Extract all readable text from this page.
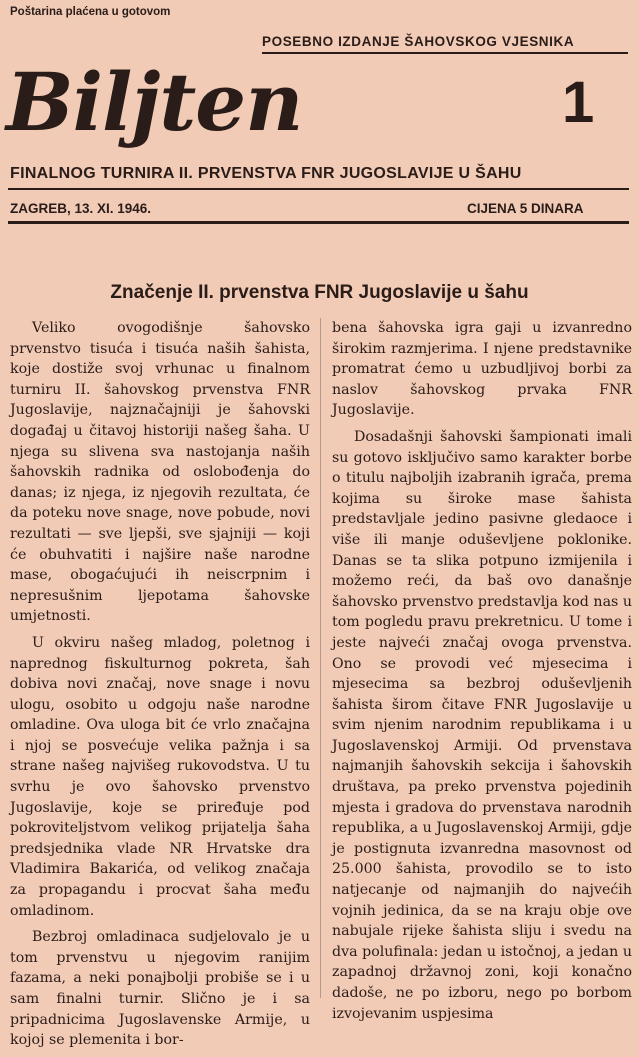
Poštarina plaćena u gotovom
POSEBNO IZDANJE ŠAHOVSKOG VJESNIKA
Biljten	1
FINALNOG TURNIRA II. PRVENSTVA FNR JUGOSLAVIJE U ŠAHU
ZAGREB, 13. XI. 1946.	CIJENA 5 DINARA
Značenje II. prvenstva FNR Jugoslavije u šahu

Veliko ovogodišnje šahovsko prvenstvo tisuća i tisuća naših šahista, koje dostiže svoj vrhunac u finalnom turniru II. šahovskog prvenstva FNR Jugoslavije, najznačajniji je šahovski događaj u čitavoj historiji našeg šaha. U njega su slivena sva nastojanja naših šahovskih radnika od oslobođenja do danas; iz njega, iz njegovih rezultata, će da poteku nove snage, nove pobude, novi rezultati — sve ljepši, sve sjajniji — koji će obuhvatiti i najšire naše narodne mase, obogaćujući ih neiscrpnim i nepresušnim ljepotama šahovske umjetnosti.

U okviru našeg mladog, poletnog i naprednog fiskulturnog pokreta, šah dobiva novi značaj, nove snage i novu ulogu, osobito u odgoju naše narodne omladine. Ova uloga bit će vrlo značajna i njoj se posvećuje velika pažnja i sa strane našeg najvišeg rukovodstva. U tu svrhu je ovo šahovsko prvenstvo Jugoslavije, koje se priređuje pod pokroviteljstvom velikog prijatelja šaha predsjednika vlade NR Hrvatske dra Vladimira Bakarića, od velikog značaja za propagandu i procvat šaha među omladinom.

Bezbroj omladinaca sudjelovalo je u tom prvenstvu u njegovim ranijim fazama, a neki ponajbolji probiše se i u sam finalni turnir. Slično je i sa pripadnicima Jugoslavenske Armije, u kojoj se plemenita i bor-

bena šahovska igra gaji u izvanredno širokim razmjerima. I njene predstavnike promatrat ćemo u uzbudljivoj borbi za naslov šahovskog prvaka FNR Jugoslavije.

Dosadašnji šahovski šampionati imali su gotovo isključivo samo karakter borbe o titulu najboljih izabranih igrača, prema kojima su široke mase šahista predstavljale jedino pasivne gledaoce i više ili manje oduševljene poklonike. Danas se ta slika potpuno izmijenila i možemo reći, da baš ovo današnje šahovsko prvenstvo predstavlja kod nas u tom pogledu pravu prekretnicu. U tome i jeste najveći značaj ovoga prvenstva. Ono se provodi već mjesecima i mjesecima sa bezbroj oduševljenih šahista širom čitave FNR Jugoslavije u svim njenim narodnim republikama i u Jugoslavenskoj Armiji. Od prvenstava najmanjih šahovskih sekcija i šahovskih društava, pa preko prvenstva pojedinih mjesta i gradova do prvenstava narodnih republika, a u Jugoslavenskoj Armiji, gdje je postignuta izvanredna masovnost od 25.000 šahista, provodilo se to isto natjecanje od najmanjih do najvećih vojnih jedinica, da se na kraju obje ove nabujale rijeke šahista sliju i svedu na dva polufinala: jedan u istočnoj, a jedan u zapadnoj državnoj zoni, koji konačno dadoše, ne po izboru, nego po borbom izvojevanim uspjesima
